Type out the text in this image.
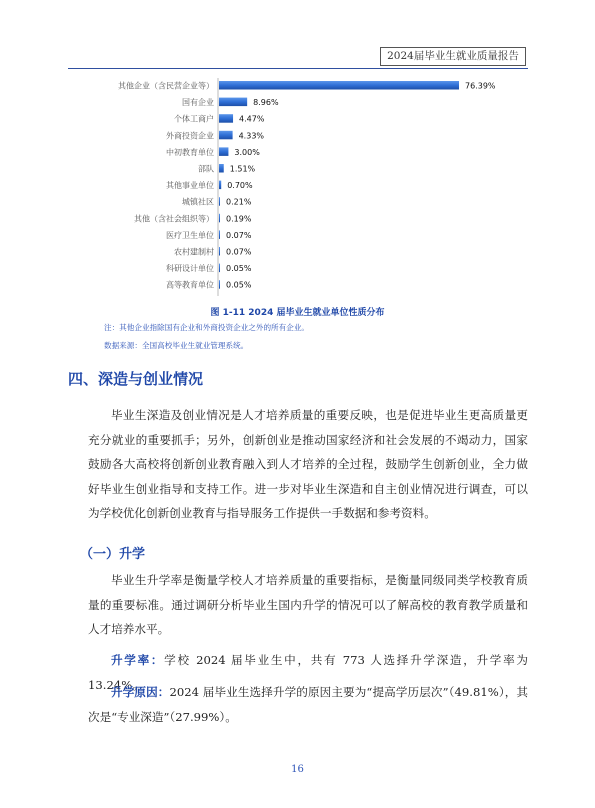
2024届毕业生就业质量报告
其他企业（含民营企业等）	76.39%
国有企业	8.96%
个体工商户	4.47%
外商投资企业	4.33%
中初教育单位	3.00%
部队 1.51%
其他事业单位 0.70%
城镇社区 0.21%
其他（含社会组织等） 0.19%
医疗卫生单位 0.07%
农村建制村 0.07%
科研设计单位 0.05%
高等教育单位 0.05%
图 1-11 2024 届毕业生就业单位性质分布
注：其他企业指除国有企业和外商投资企业之外的所有企业。
数据来源：全国高校毕业生就业管理系统。
四、深造与创业情况

毕业生深造及创业情况是人才培养质量的重要反映，也是促进毕业生更高质量更充分就业的重要抓手；另外，创新创业是推动国家经济和社会发展的不竭动力，国家鼓励各大高校将创新创业教育融入到人才培养的全过程，鼓励学生创新创业，全力做好毕业生创业指导和支持工作。进一步对毕业生深造和自主创业情况进行调查，可以为学校优化创新创业教育与指导服务工作提供一手数据和参考资料。

（一）升学

毕业生升学率是衡量学校人才培养质量的重要指标，是衡量同级同类学校教育质量的重要标准。通过调研分析毕业生国内升学的情况可以了解高校的教育教学质量和人才培养水平。

升学率：学校 2024 届毕业生中，共有 773 人选择升学深造，升学率为 13.24%。

升学原因：2024 届毕业生选择升学的原因主要为“提高学历层次”（49.81%），其次是“专业深造”（27.99%）。

16
